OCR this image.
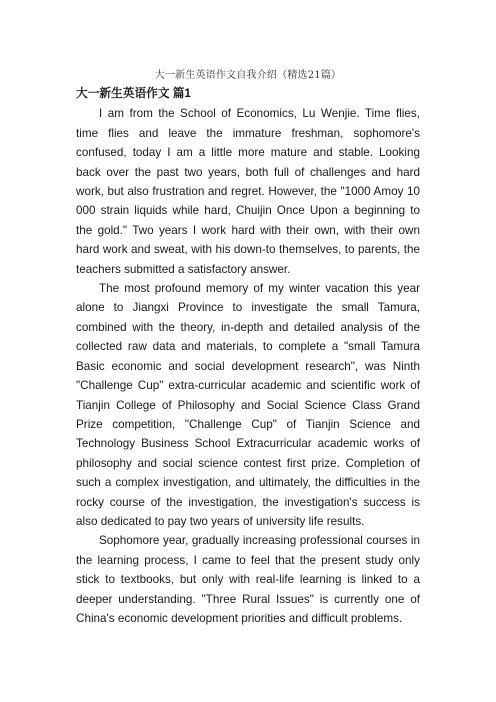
大一新生英语作文自我介绍（精选21篇）
大一新生英语作文 篇1

I am from the School of Economics, Lu Wenjie. Time flies, time flies and leave the immature freshman, sophomore's confused, today I am a little more mature and stable. Looking back over the past two years, both full of challenges and hard work, but also frustration and regret. However, the "1000 Amoy 10 000 strain liquids while hard, Chuijin Once Upon a beginning to the gold." Two years I work hard with their own, with their own hard work and sweat, with his down-to themselves, to parents, the teachers submitted a satisfactory answer.

The most profound memory of my winter vacation this year alone to Jiangxi Province to investigate the small Tamura, combined with the theory, in-depth and detailed analysis of the collected raw data and materials, to complete a "small Tamura Basic economic and social development research", was Ninth "Challenge Cup" extra-curricular academic and scientific work of Tianjin College of Philosophy and Social Science Class Grand Prize competition, "Challenge Cup" of Tianjin Science and Technology Business School Extracurricular academic works of philosophy and social science contest first prize. Completion of such a complex investigation, and ultimately, the difficulties in the rocky course of the investigation, the investigation's success is also dedicated to pay two years of university life results.

Sophomore year, gradually increasing professional courses in the learning process, I came to feel that the present study only stick to textbooks, but only with real-life learning is linked to a deeper understanding. "Three Rural Issues" is currently one of China's economic development priorities and difficult problems.
